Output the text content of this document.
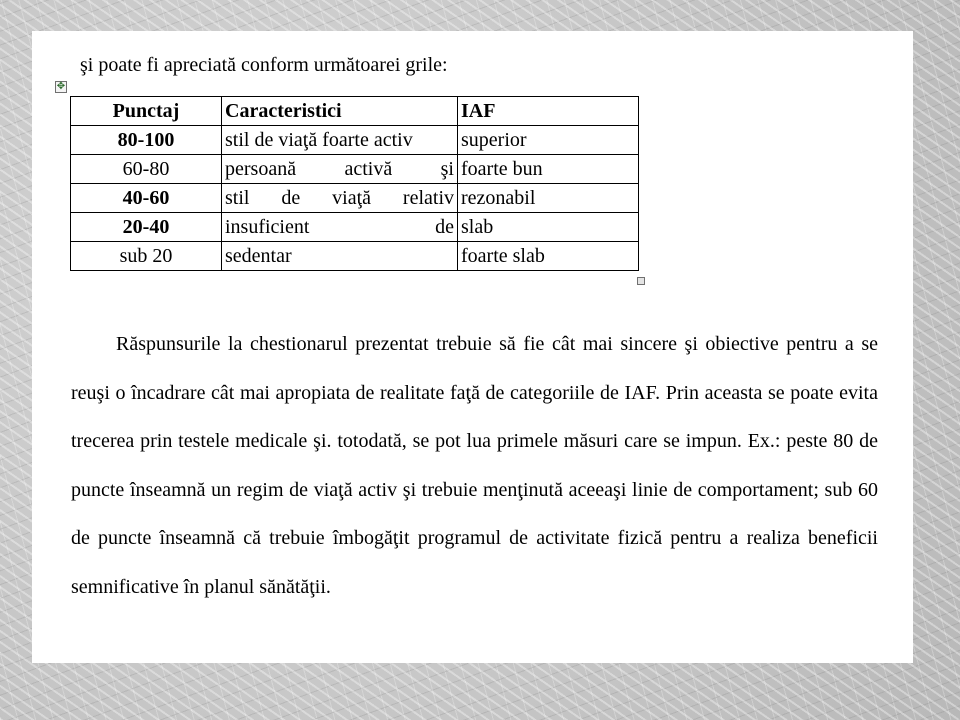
şi poate fi apreciată conform următoarei grile:

✥
Punctaj	Caracteristici	IAF
80-100	stil de viaţă foarte activ	superior
60-80	persoană activă şi	foarte bun
40-60	stil de viaţă relativ	rezonabil
20-40	insuficient de	slab
sub 20	sedentar	foarte slab

Răspunsurile la chestionarul prezentat trebuie să fie cât mai sincere şi obiective pentru a se reuşi o încadrare cât mai apropiata de realitate faţă de categoriile de IAF. Prin aceasta se poate evita trecerea prin testele medicale şi. totodată, se pot lua primele măsuri care se impun. Ex.: peste 80 de puncte înseamnă un regim de viaţă activ şi trebuie menţinută aceeaşi linie de comportament; sub 60 de puncte înseamnă că trebuie îmbogăţit programul de activitate fizică pentru a realiza beneficii semnificative în planul sănătăţii.
